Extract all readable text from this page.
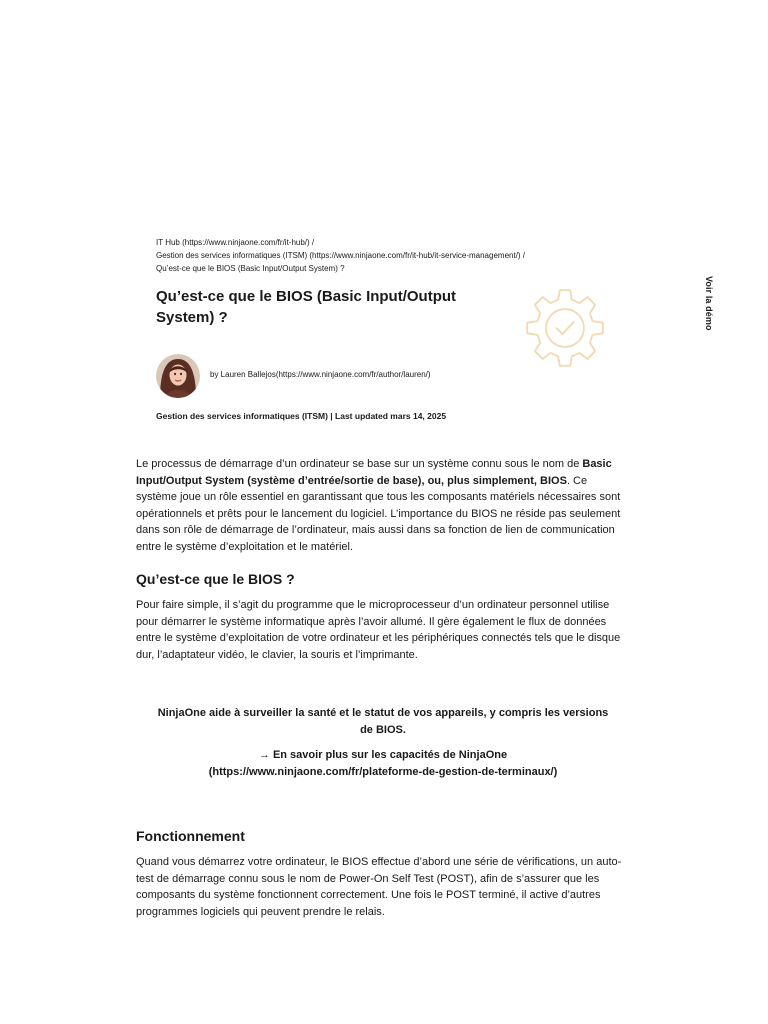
IT Hub (https://www.ninjaone.com/fr/it-hub/) /
Gestion des services informatiques (ITSM) (https://www.ninjaone.com/fr/it-hub/it-service-management/) /
Qu’est-ce que le BIOS (Basic Input/Output System) ?
Qu’est-ce que le BIOS (Basic Input/Output System) ?	Voir la démo
by Lauren Ballejos(https://www.ninjaone.com/fr/author/lauren/)
Gestion des services informatiques (ITSM) | Last updated mars 14, 2025

Le processus de démarrage d’un ordinateur se base sur un système connu sous le nom de Basic Input/Output System (système d’entrée/sortie de base), ou, plus simplement, BIOS. Ce système joue un rôle essentiel en garantissant que tous les composants matériels nécessaires sont opérationnels et prêts pour le lancement du logiciel. L’importance du BIOS ne réside pas seulement dans son rôle de démarrage de l’ordinateur, mais aussi dans sa fonction de lien de communication entre le système d’exploitation et le matériel.

Qu’est-ce que le BIOS ?

Pour faire simple, il s’agit du programme que le microprocesseur d’un ordinateur personnel utilise pour démarrer le système informatique après l’avoir allumé. Il gère également le flux de données entre le système d’exploitation de votre ordinateur et les périphériques connectés tels que le disque dur, l’adaptateur vidéo, le clavier, la souris et l’imprimante.

NinjaOne aide à surveiller la santé et le statut de vos appareils, y compris les versions de BIOS.
→ En savoir plus sur les capacités de NinjaOne (https://www.ninjaone.com/fr/plateforme-de-gestion-de-terminaux/)
Fonctionnement

Quand vous démarrez votre ordinateur, le BIOS effectue d’abord une série de vérifications, un auto-test de démarrage connu sous le nom de Power-On Self Test (POST), afin de s’assurer que les composants du système fonctionnent correctement. Une fois le POST terminé, il active d’autres programmes logiciels qui peuvent prendre le relais.
